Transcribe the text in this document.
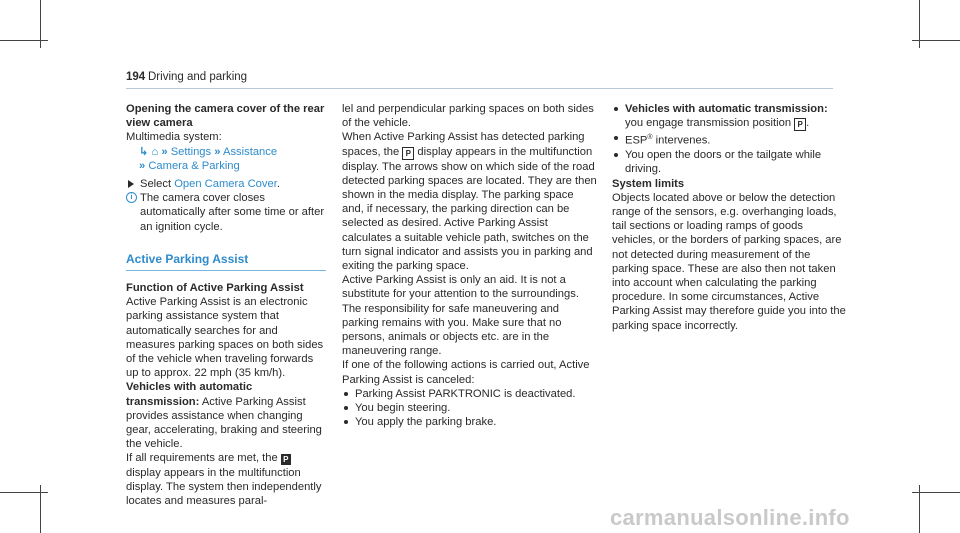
194 Driving and parking

Opening the camera cover of the rear view camera

Multimedia system:

↳ ⌂ » Settings » Assistance

» Camera & Parking

Select Open Camera Cover.

i The camera cover closes automatically after some time or after an ignition cycle.

Active Parking Assist

Function of Active Parking Assist

Active Parking Assist is an electronic parking assistance system that automatically searches for and measures parking spaces on both sides of the vehicle when traveling forwards up to approx. 22 mph (35 km/h).

Vehicles with automatic transmission: Active Parking Assist provides assistance when changing gear, accelerating, braking and steering the vehicle.

If all requirements are met, the P display appears in the multifunction display. The system then independently locates and measures paral-

lel and perpendicular parking spaces on both sides of the vehicle.

When Active Parking Assist has detected parking spaces, the P display appears in the multifunction display. The arrows show on which side of the road detected parking spaces are located. They are then shown in the media display. The parking space and, if necessary, the parking direction can be selected as desired. Active Parking Assist calculates a suitable vehicle path, switches on the turn signal indicator and assists you in parking and exiting the parking space.

Active Parking Assist is only an aid. It is not a substitute for your attention to the surroundings. The responsibility for safe maneuvering and parking remains with you. Make sure that no persons, animals or objects etc. are in the maneuvering range.

If one of the following actions is carried out, Active Parking Assist is canceled:

Parking Assist PARKTRONIC is deactivated.

You begin steering.

You apply the parking brake.

Vehicles with automatic transmission:
you engage transmission position P .

ESP® intervenes.

You open the doors or the tailgate while driving.

System limits

Objects located above or below the detection range of the sensors, e.g. overhanging loads, tail sections or loading ramps of goods vehicles, or the borders of parking spaces, are not detected during measurement of the parking space. These are also then not taken into account when calculating the parking procedure. In some circumstances, Active Parking Assist may therefore guide you into the parking space incorrectly.

carmanualsonline.info
